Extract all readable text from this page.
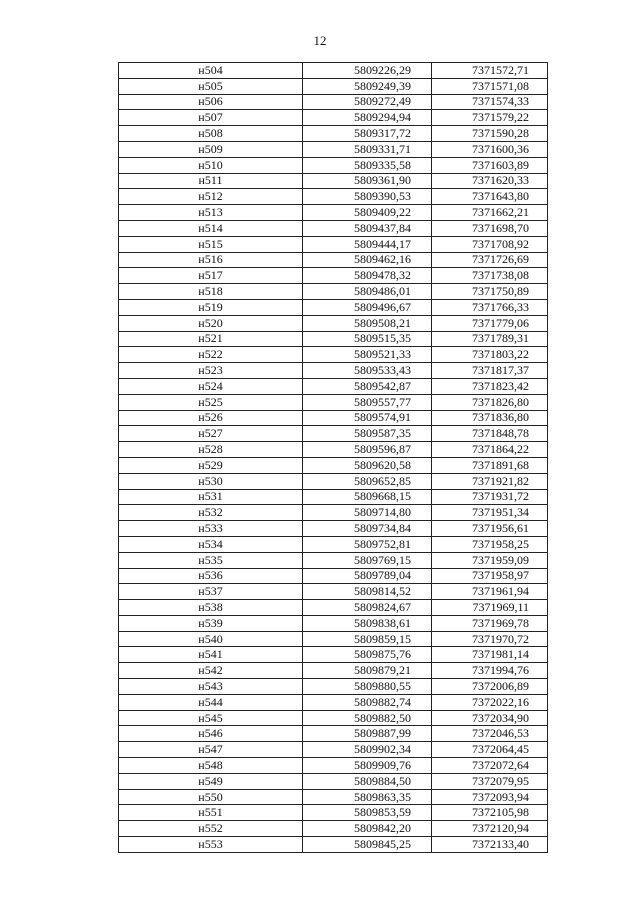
12
н504	5809226,29	7371572,71
н505	5809249,39	7371571,08
н506	5809272,49	7371574,33
н507	5809294,94	7371579,22
н508	5809317,72	7371590,28
н509	5809331,71	7371600,36
н510	5809335,58	7371603,89
н511	5809361,90	7371620,33
н512	5809390,53	7371643,80
н513	5809409,22	7371662,21
н514	5809437,84	7371698,70
н515	5809444,17	7371708,92
н516	5809462,16	7371726,69
н517	5809478,32	7371738,08
н518	5809486,01	7371750,89
н519	5809496,67	7371766,33
н520	5809508,21	7371779,06
н521	5809515,35	7371789,31
н522	5809521,33	7371803,22
н523	5809533,43	7371817,37
н524	5809542,87	7371823,42
н525	5809557,77	7371826,80
н526	5809574,91	7371836,80
н527	5809587,35	7371848,78
н528	5809596,87	7371864,22
н529	5809620,58	7371891,68
н530	5809652,85	7371921,82
н531	5809668,15	7371931,72
н532	5809714,80	7371951,34
н533	5809734,84	7371956,61
н534	5809752,81	7371958,25
н535	5809769,15	7371959,09
н536	5809789,04	7371958,97
н537	5809814,52	7371961,94
н538	5809824,67	7371969,11
н539	5809838,61	7371969,78
н540	5809859,15	7371970,72
н541	5809875,76	7371981,14
н542	5809879,21	7371994,76
н543	5809880,55	7372006,89
н544	5809882,74	7372022,16
н545	5809882,50	7372034,90
н546	5809887,99	7372046,53
н547	5809902,34	7372064,45
н548	5809909,76	7372072,64
н549	5809884,50	7372079,95
н550	5809863,35	7372093,94
н551	5809853,59	7372105,98
н552	5809842,20	7372120,94
н553	5809845,25	7372133,40
